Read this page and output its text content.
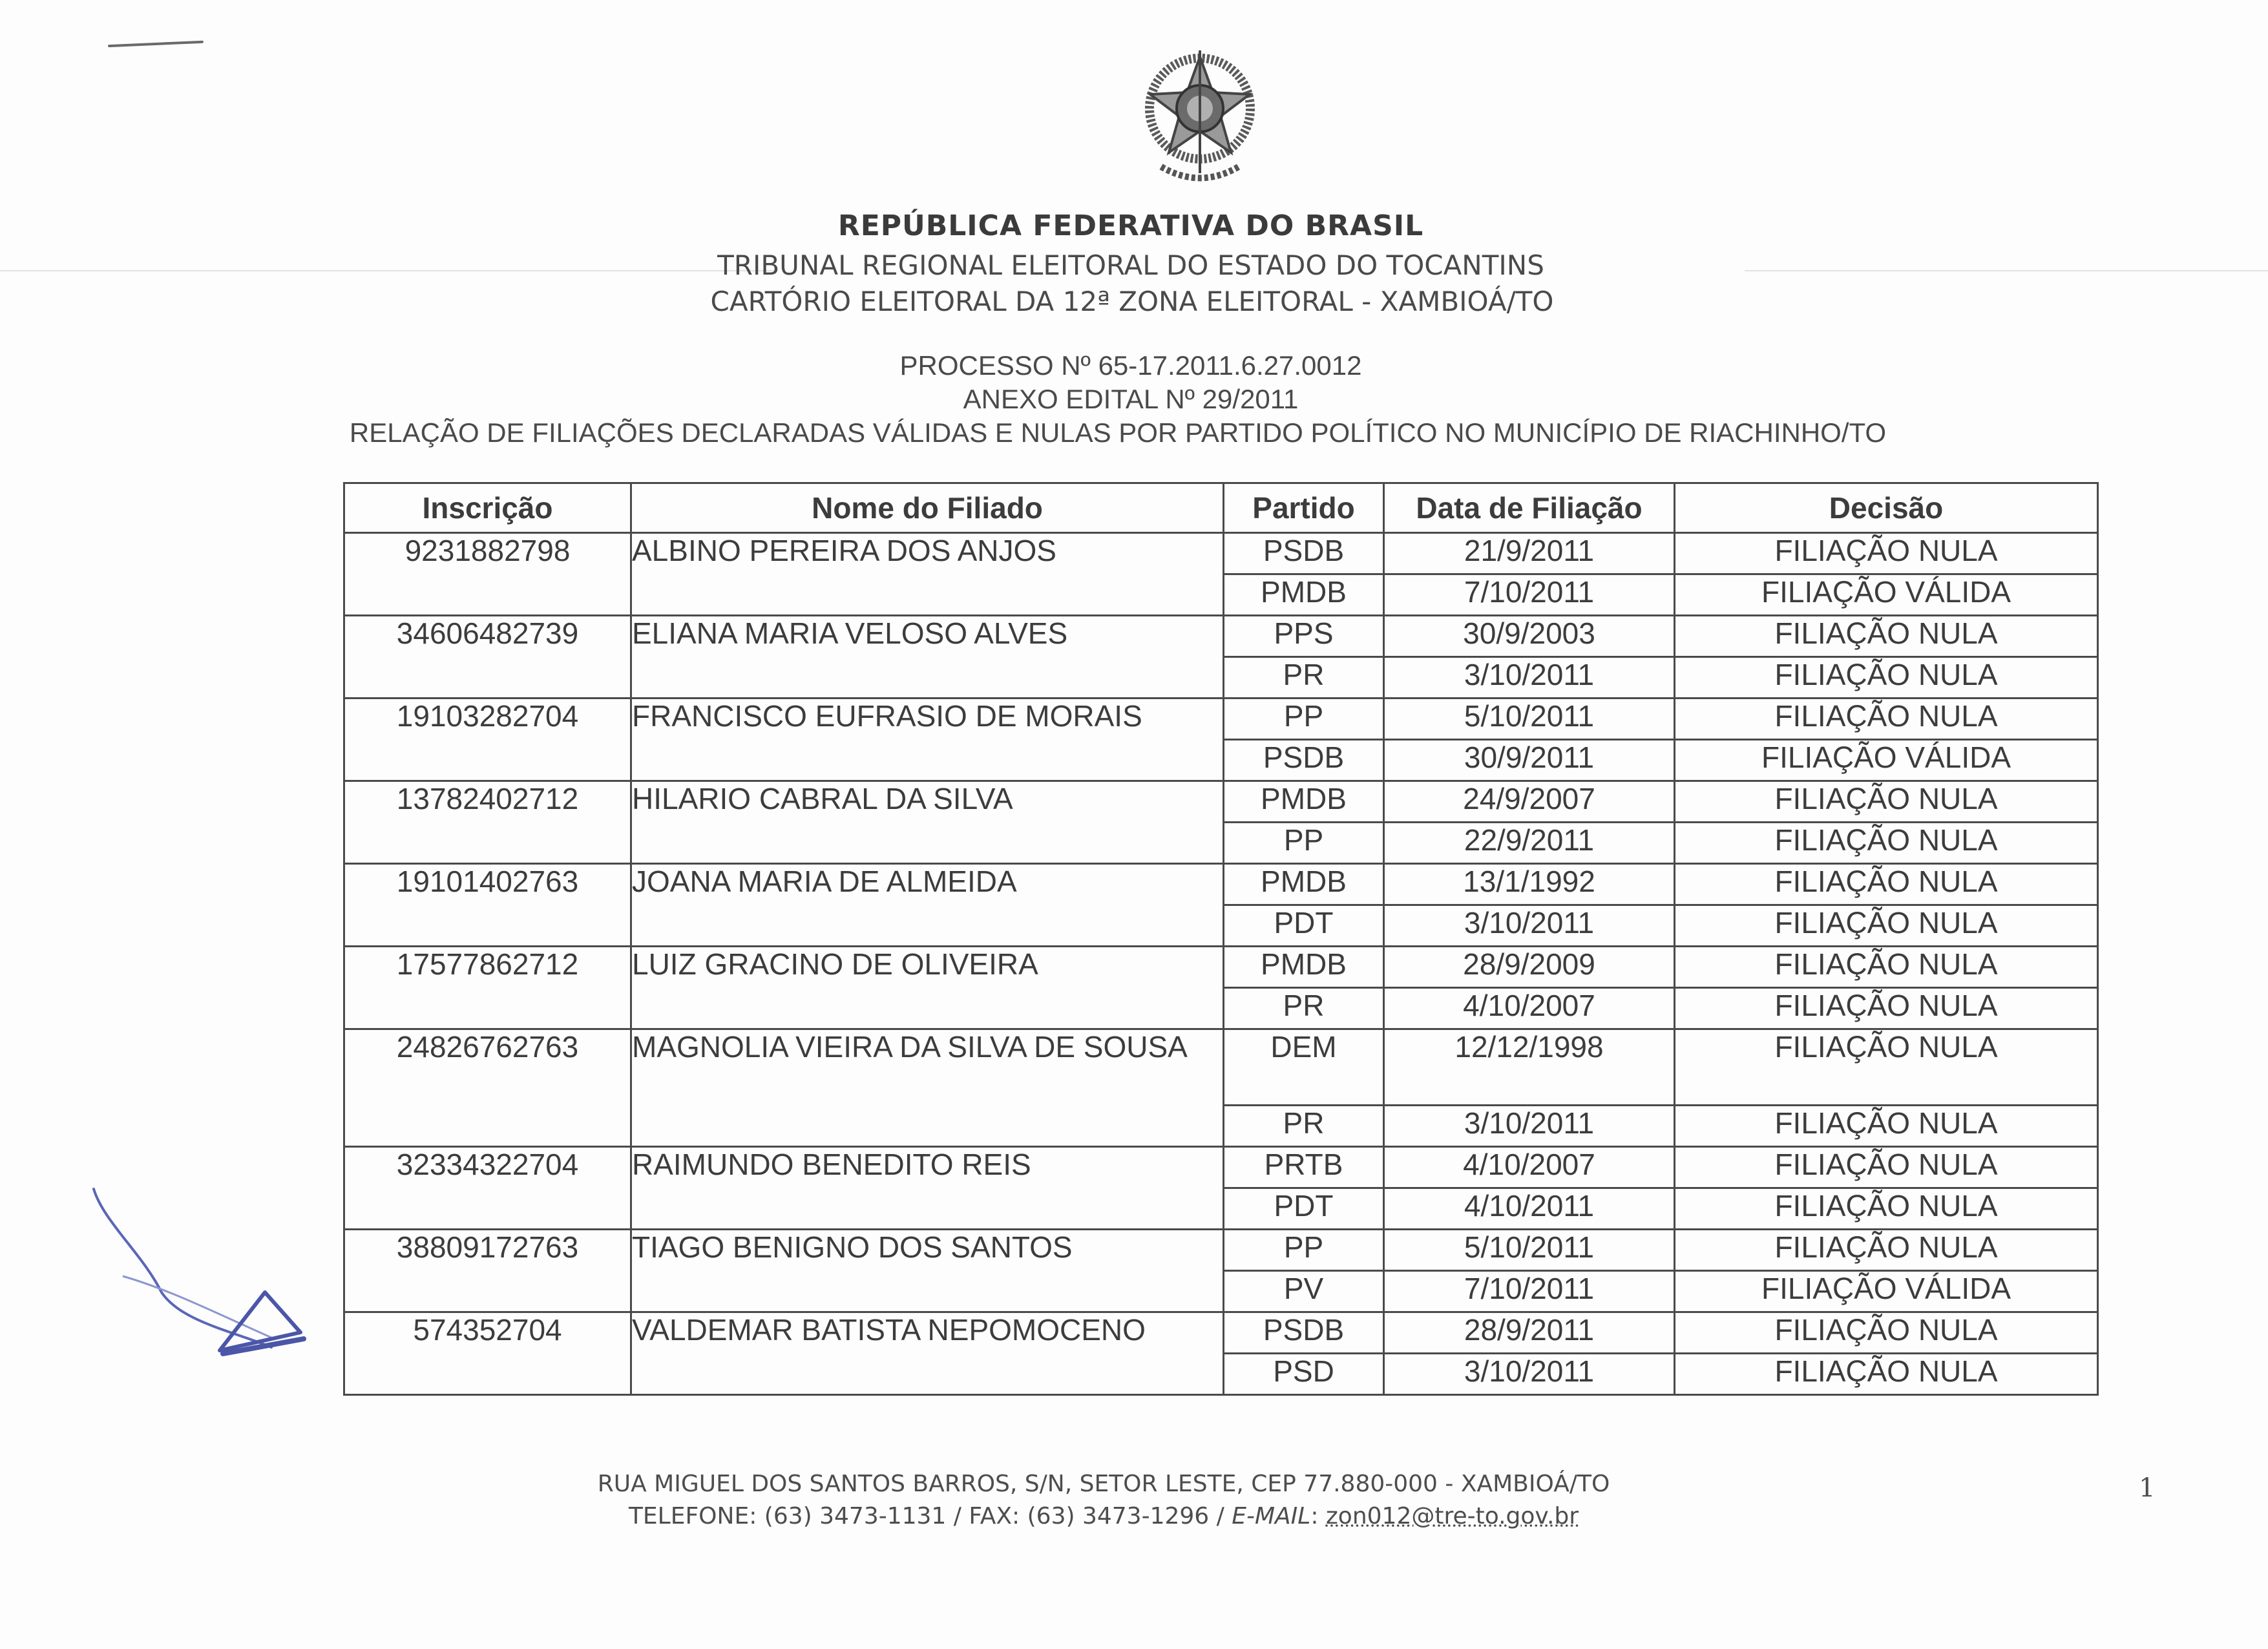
REPÚBLICA FEDERATIVA DO BRASIL
TRIBUNAL REGIONAL ELEITORAL DO ESTADO DO TOCANTINS
CARTÓRIO ELEITORAL DA 12ª ZONA ELEITORAL - XAMBIOÁ/TO
PROCESSO Nº 65-17.2011.6.27.0012
ANEXO EDITAL Nº 29/2011
RELAÇÃO DE FILIAÇÕES DECLARADAS VÁLIDAS E NULAS POR PARTIDO POLÍTICO NO MUNICÍPIO DE RIACHINHO/TO
Inscrição	Nome do Filiado	Partido	Data de Filiação	Decisão
9231882798	ALBINO PEREIRA DOS ANJOS	PSDB	21/9/2011	FILIAÇÃO NULA
		PMDB	7/10/2011	FILIAÇÃO VÁLIDA
34606482739	ELIANA MARIA VELOSO ALVES	PPS	30/9/2003	FILIAÇÃO NULA
		PR	3/10/2011	FILIAÇÃO NULA
19103282704	FRANCISCO EUFRASIO DE MORAIS	PP	5/10/2011	FILIAÇÃO NULA
		PSDB	30/9/2011	FILIAÇÃO VÁLIDA
13782402712	HILARIO CABRAL DA SILVA	PMDB	24/9/2007	FILIAÇÃO NULA
		PP	22/9/2011	FILIAÇÃO NULA
19101402763	JOANA MARIA DE ALMEIDA	PMDB	13/1/1992	FILIAÇÃO NULA
		PDT	3/10/2011	FILIAÇÃO NULA
17577862712	LUIZ GRACINO DE OLIVEIRA	PMDB	28/9/2009	FILIAÇÃO NULA
		PR	4/10/2007	FILIAÇÃO NULA
24826762763	MAGNOLIA VIEIRA DA SILVA DE SOUSA	DEM	12/12/1998	FILIAÇÃO NULA
		PR	3/10/2011	FILIAÇÃO NULA
32334322704	RAIMUNDO BENEDITO REIS	PRTB	4/10/2007	FILIAÇÃO NULA
		PDT	4/10/2011	FILIAÇÃO NULA
38809172763	TIAGO BENIGNO DOS SANTOS	PP	5/10/2011	FILIAÇÃO NULA
		PV	7/10/2011	FILIAÇÃO VÁLIDA
574352704	VALDEMAR BATISTA NEPOMOCENO	PSDB	28/9/2011	FILIAÇÃO NULA
		PSD	3/10/2011	FILIAÇÃO NULA
RUA MIGUEL DOS SANTOS BARROS, S/N, SETOR LESTE, CEP 77.880-000 - XAMBIOÁ/TO
TELEFONE: (63) 3473-1131 / FAX: (63) 3473-1296 / E-MAIL: zon012@tre-to.gov.br
1
